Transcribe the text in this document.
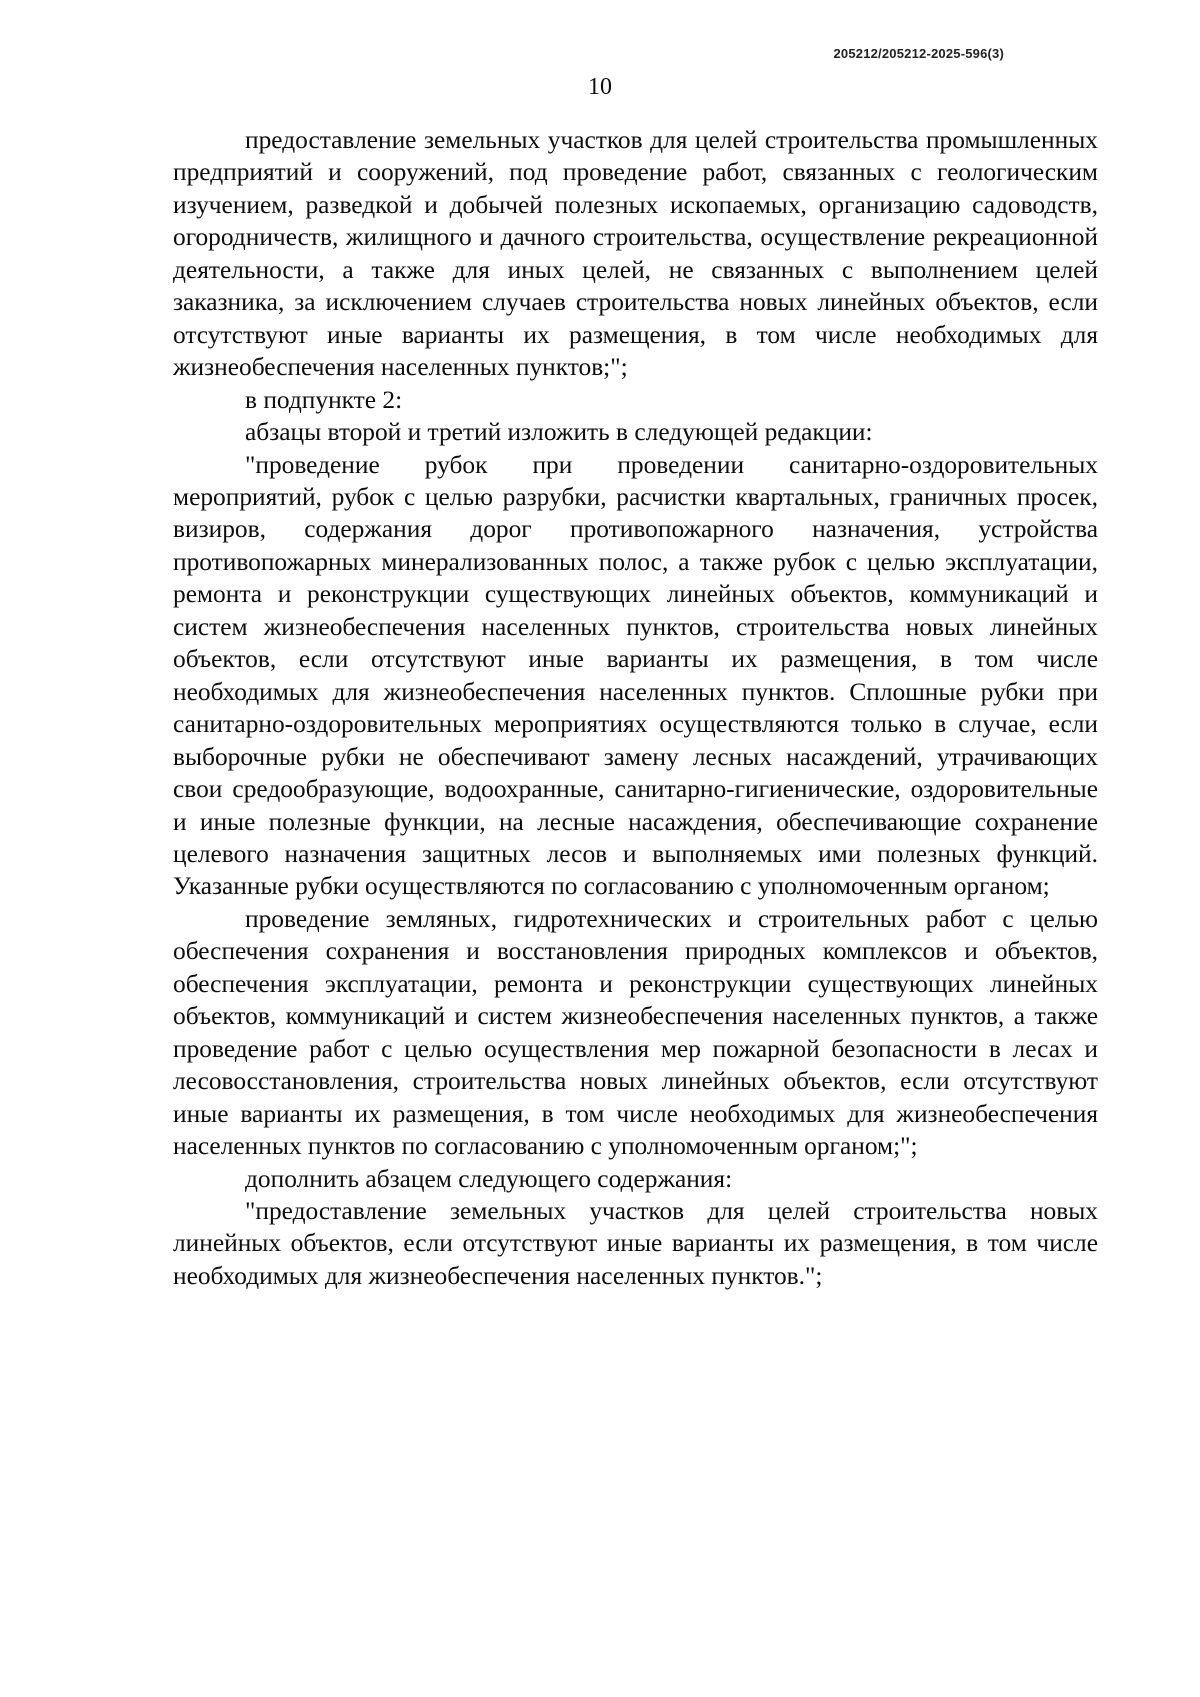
205212/205212-2025-596(3)
10

предоставление земельных участков для целей строительства промышленных предприятий и сооружений, под проведение работ, связанных с геологическим изучением, разведкой и добычей полезных ископаемых, организацию садоводств, огородничеств, жилищного и дачного строительства, осуществление рекреационной деятельности, а также для иных целей, не связанных с выполнением целей заказника, за исключением случаев строительства новых линейных объектов, если отсутствуют иные варианты их размещения, в том числе необходимых для жизнеобеспечения населенных пунктов;";

в подпункте 2:

абзацы второй и третий изложить в следующей редакции:

"проведение рубок при проведении санитарно-оздоровительных мероприятий, рубок с целью разрубки, расчистки квартальных, граничных просек, визиров, содержания дорог противопожарного назначения, устройства противопожарных минерализованных полос, а также рубок с целью эксплуатации, ремонта и реконструкции существующих линейных объектов, коммуникаций и систем жизнеобеспечения населенных пунктов, строительства новых линейных объектов, если отсутствуют иные варианты их размещения, в том числе необходимых для жизнеобеспечения населенных пунктов. Сплошные рубки при санитарно-оздоровительных мероприятиях осуществляются только в случае, если выборочные рубки не обеспечивают замену лесных насаждений, утрачивающих свои средообразующие, водоохранные, санитарно-гигиенические, оздоровительные и иные полезные функции, на лесные насаждения, обеспечивающие сохранение целевого назначения защитных лесов и выполняемых ими полезных функций. Указанные рубки осуществляются по согласованию с уполномоченным органом;

проведение земляных, гидротехнических и строительных работ с целью обеспечения сохранения и восстановления природных комплексов и объектов, обеспечения эксплуатации, ремонта и реконструкции существующих линейных объектов, коммуникаций и систем жизнеобеспечения населенных пунктов, а также проведение работ с целью осуществления мер пожарной безопасности в лесах и лесовосстановления, строительства новых линейных объектов, если отсутствуют иные варианты их размещения, в том числе необходимых для жизнеобеспечения населенных пунктов по согласованию с уполномоченным органом;";

дополнить абзацем следующего содержания:

"предоставление земельных участков для целей строительства новых линейных объектов, если отсутствуют иные варианты их размещения, в том числе необходимых для жизнеобеспечения населенных пунктов.";
